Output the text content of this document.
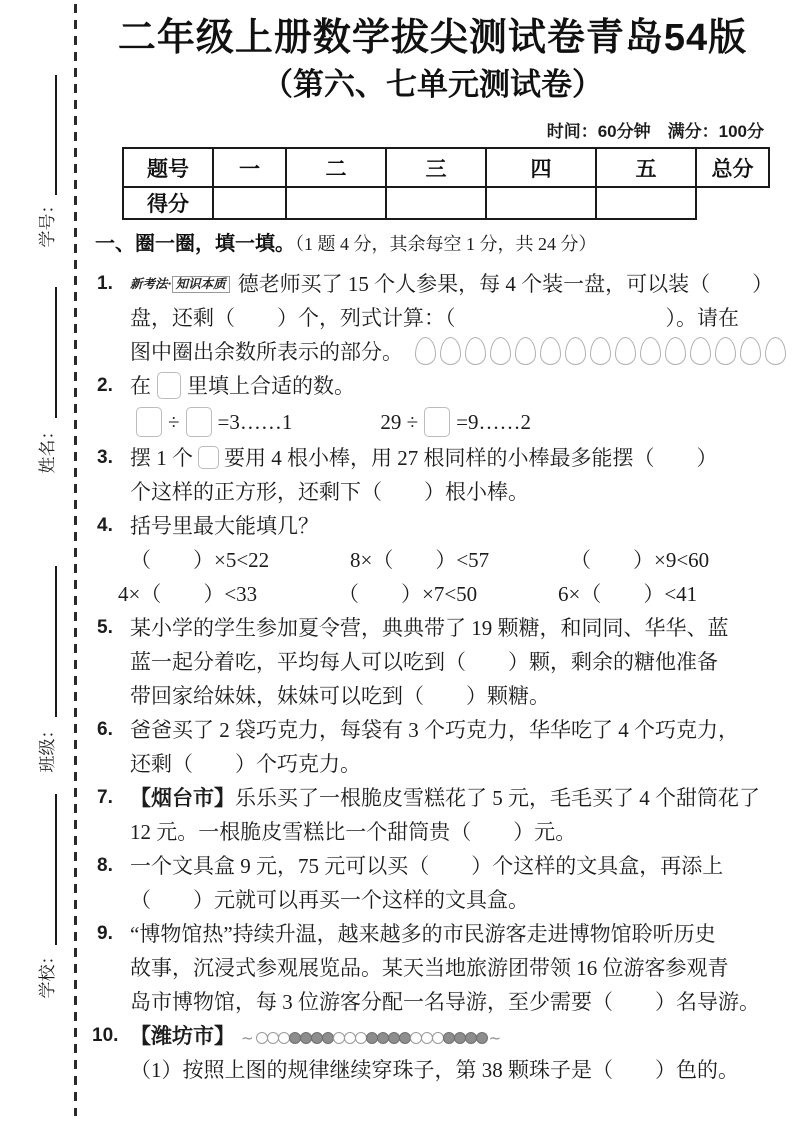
学号：
姓名：
班级：
学校：
二年级上册数学拔尖测试卷青岛54版
（第六、七单元测试卷）
时间：60分钟　满分：100分
题号	一	二	三	四	五	总分
得分						
一、圈一圈，填一填。（1 题 4 分，其余每空 1 分，共 24 分）
1. 新考法· 知识本质 德老师买了 15 个人参果，每 4 个装一盘，可以装（　　）
盘，还剩（　　）个，列式计算：（　　　　　　　　　　）。请在
图中圈出余数所表示的部分。
2. 在 里填上合适的数。
÷ =3……1	29 ÷ =9……2
3. 摆 1 个 要用 4 根小棒，用 27 根同样的小棒最多能摆（　　）
个这样的正方形，还剩下（　　）根小棒。
4. 括号里最大能填几？
（　　）×5<22	8×（　　）<57	（　　）×9<60
4×（　　）<33	（　　）×7<50	6×（　　）<41
5. 某小学的学生参加夏令营，典典带了 19 颗糖，和同同、华华、蓝
蓝一起分着吃，平均每人可以吃到（　　）颗，剩余的糖他准备
带回家给妹妹，妹妹可以吃到（　　）颗糖。
6. 爸爸买了 2 袋巧克力，每袋有 3 个巧克力，华华吃了 4 个巧克力，
还剩（　　）个巧克力。
7. 【烟台市】乐乐买了一根脆皮雪糕花了 5 元，毛毛买了 4 个甜筒花了
12 元。一根脆皮雪糕比一个甜筒贵（　　）元。
8. 一个文具盒 9 元，75 元可以买（　　）个这样的文具盒，再添上
（　　）元就可以再买一个这样的文具盒。
9. “博物馆热”持续升温，越来越多的市民游客走进博物馆聆听历史
故事，沉浸式参观展览品。某天当地旅游团带领 16 位游客参观青
岛市博物馆，每 3 位游客分配一名导游，至少需要（　　）名导游。
10. 【潍坊市】 ~	~
（1）按照上图的规律继续穿珠子，第 38 颗珠子是（　　）色的。
